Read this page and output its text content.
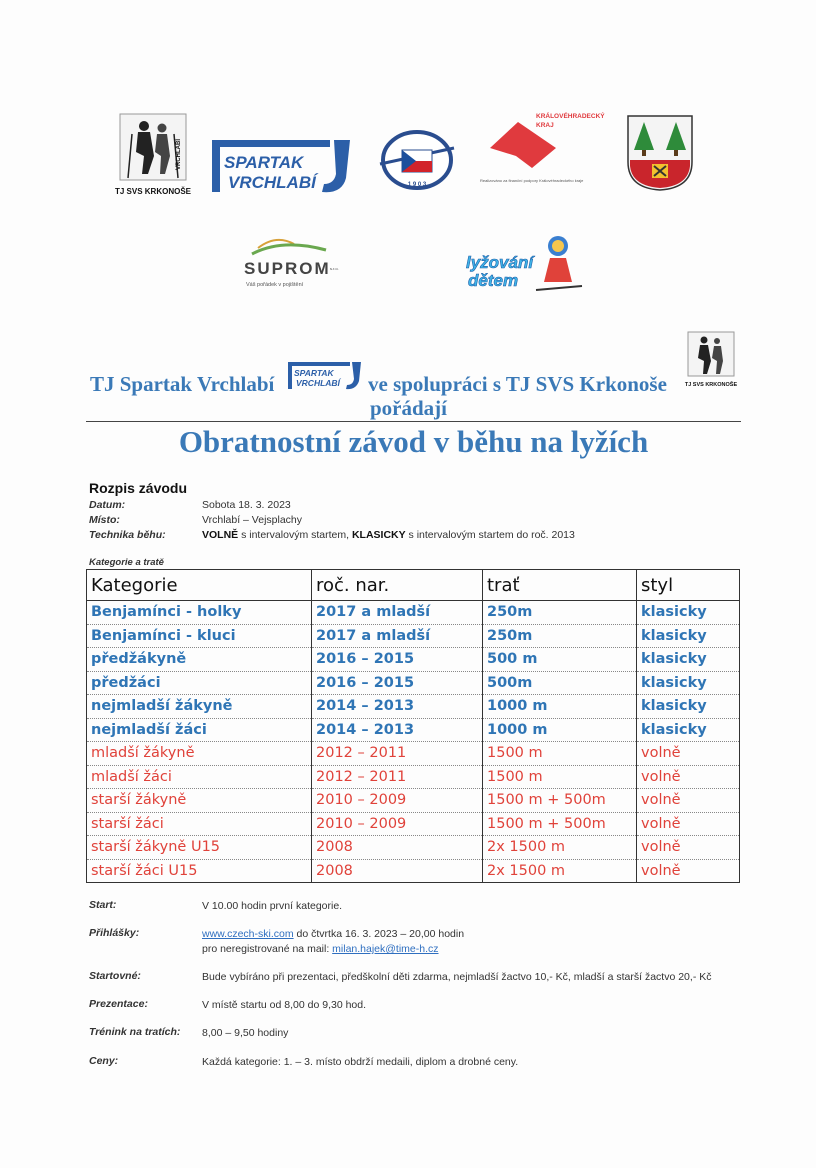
VRCHLABÍ
TJ SVS KRKONOŠE
SPARTAK
VRCHLABÍ	1 9 0 3
KRÁLOVÉHRADECKÝ
KRAJ
Realizováno za finanční podpory Královéhradeckého kraje
SUPROM s.r.o.
Váš pořádek v pojištění
lyžování
dětem
TJ Spartak Vrchlabí	ve spolupráci s TJ SVS Krkonoše
pořádají
SPARTAK
VRCHLABÍ	TJ SVS KRKONOŠE
Obratnostní závod v běhu na lyžích
Rozpis závodu
Datum:	Sobota 18. 3. 2023
Místo:	Vrchlabí – Vejsplachy
Technika běhu:	VOLNĚ s intervalovým startem, KLASICKY s intervalovým startem do roč. 2013
Kategorie a tratě
Kategorie	roč. nar.	trať	styl
Benjamínci - holky	2017 a mladší	250m	klasicky
Benjamínci - kluci	2017 a mladší	250m	klasicky
předžákyně	2016 – 2015	500 m	klasicky
předžáci	2016 – 2015	500m	klasicky
nejmladší žákyně	2014 – 2013	1000 m	klasicky
nejmladší žáci	2014 – 2013	1000 m	klasicky
mladší žákyně	2012 – 2011	1500 m	volně
mladší žáci	2012 – 2011	1500 m	volně
starší žákyně	2010 – 2009	1500 m + 500m	volně
starší žáci	2010 – 2009	1500 m + 500m	volně
starší žákyně U15	2008	2x 1500 m	volně
starší žáci U15	2008	2x 1500 m	volně
Start:	V 10.00 hodin první kategorie.
Přihlášky:	www.czech-ski.com do čtvrtka 16. 3. 2023 – 20,00 hodin
pro neregistrované na mail: milan.hajek@time-h.cz
Startovné:	Bude vybíráno při prezentaci, předškolní děti zdarma, nejmladší žactvo 10,- Kč, mladší a starší žactvo 20,- Kč
Prezentace:	V místě startu od 8,00 do 9,30 hod.
Trénink na tratích:	8,00 – 9,50 hodiny
Ceny:	Každá kategorie: 1. – 3. místo obdrží medaili, diplom a drobné ceny.
